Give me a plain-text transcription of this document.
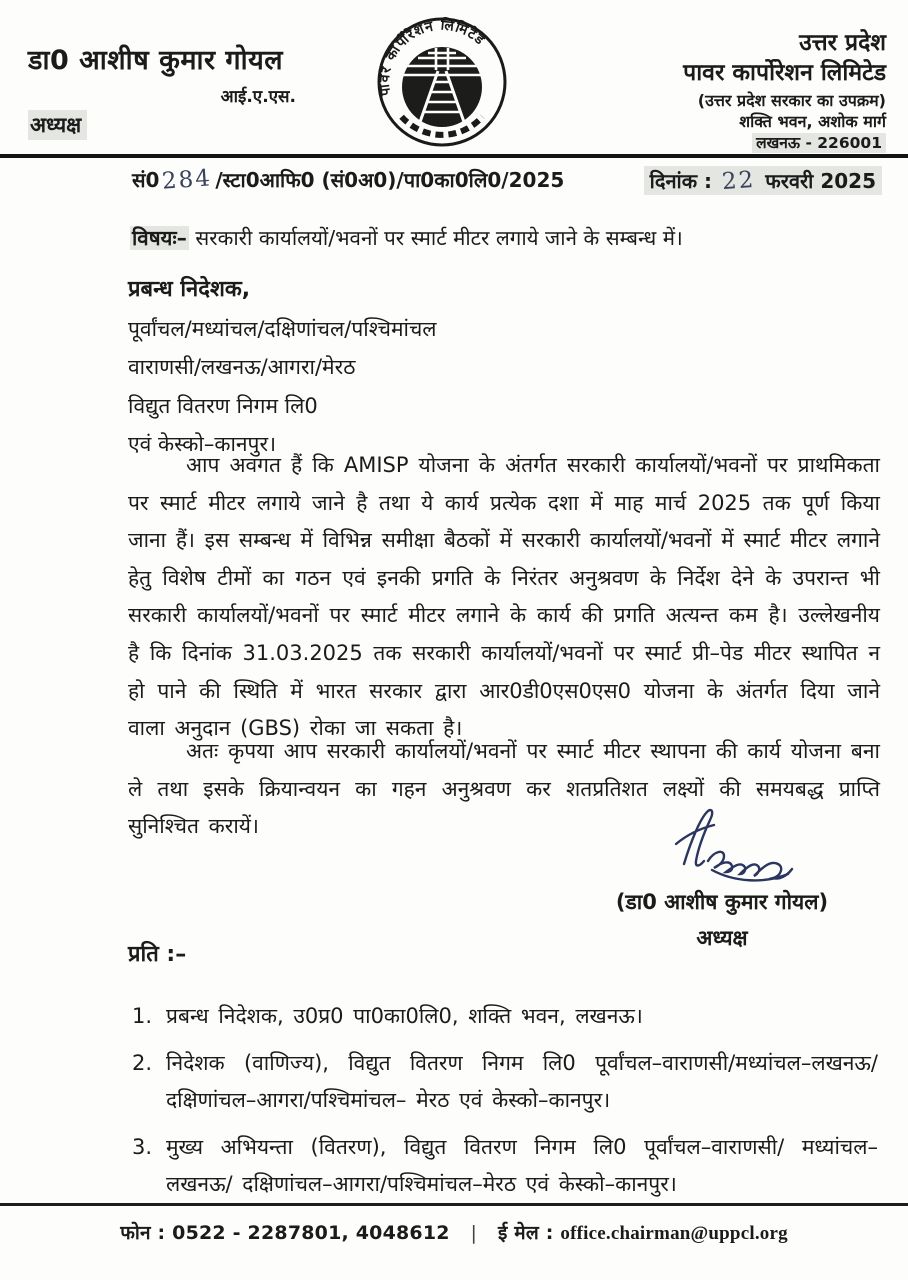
डा0 आशीष कुमार गोयल
आई.ए.एस.
अध्यक्ष
पावर कार्पोरेशन लिमिटेड	उत्तर प्रदेश
पावर कार्पोरेशन लिमिटेड
(उत्तर प्रदेश सरकार का उपक्रम)
शक्ति भवन, अशोक मार्ग
लखनऊ - 226001
सं0284 /स्टा0आफि0 (सं0अ0)/पा0का0लि0/2025	दिनांक : 22 फरवरी 2025
विषयः– सरकारी कार्यालयों/भवनों पर स्मार्ट मीटर लगाये जाने के सम्बन्ध में।
प्रबन्ध निदेशक,
पूर्वांचल/मध्यांचल/दक्षिणांचल/पश्चिमांचल
वाराणसी/लखनऊ/आगरा/मेरठ
विद्युत वितरण निगम लि0
एवं केस्को–कानपुर।

आप अवगत हैं कि AMISP योजना के अंतर्गत सरकारी कार्यालयों/भवनों पर प्राथमिकता पर स्मार्ट मीटर लगाये जाने है तथा ये कार्य प्रत्येक दशा में माह मार्च 2025 तक पूर्ण किया जाना हैं। इस सम्बन्ध में विभिन्न समीक्षा बैठकों में सरकारी कार्यालयों/भवनों में स्मार्ट मीटर लगाने हेतु विशेष टीमों का गठन एवं इनकी प्रगति के निरंतर अनुश्रवण के निर्देश देने के उपरान्त भी सरकारी कार्यालयों/भवनों पर स्मार्ट मीटर लगाने के कार्य की प्रगति अत्यन्त कम है। उल्लेखनीय है कि दिनांक 31.03.2025 तक सरकारी कार्यालयों/भवनों पर स्मार्ट प्री–पेड मीटर स्थापित न हो पाने की स्थिति में भारत सरकार द्वारा आर0डी0एस0एस0 योजना के अंतर्गत दिया जाने वाला अनुदान (GBS) रोका जा सकता है।

अतः कृपया आप सरकारी कार्यालयों/भवनों पर स्मार्ट मीटर स्थापना की कार्य योजना बना ले तथा इसके क्रियान्वयन का गहन अनुश्रवण कर शतप्रतिशत लक्ष्यों की समयबद्ध प्राप्ति सुनिश्चित करायें।

(डा0 आशीष कुमार गोयल)
अध्यक्ष
प्रति :–
1. प्रबन्ध निदेशक, उ0प्र0 पा0का0लि0, शक्ति भवन, लखनऊ।
2. निदेशक (वाणिज्य), विद्युत वितरण निगम लि0 पूर्वांचल–वाराणसी/मध्यांचल–लखनऊ/ दक्षिणांचल–आगरा/पश्चिमांचल– मेरठ एवं केस्को–कानपुर।
3. मुख्य अभियन्ता (वितरण), विद्युत वितरण निगम लि0 पूर्वांचल–वाराणसी/ मध्यांचल–लखनऊ/ दक्षिणांचल–आगरा/पश्चिमांचल–मेरठ एवं केस्को–कानपुर।
फोन : 0522 - 2287801, 4048612 | ई मेल : office.chairman@uppcl.org
